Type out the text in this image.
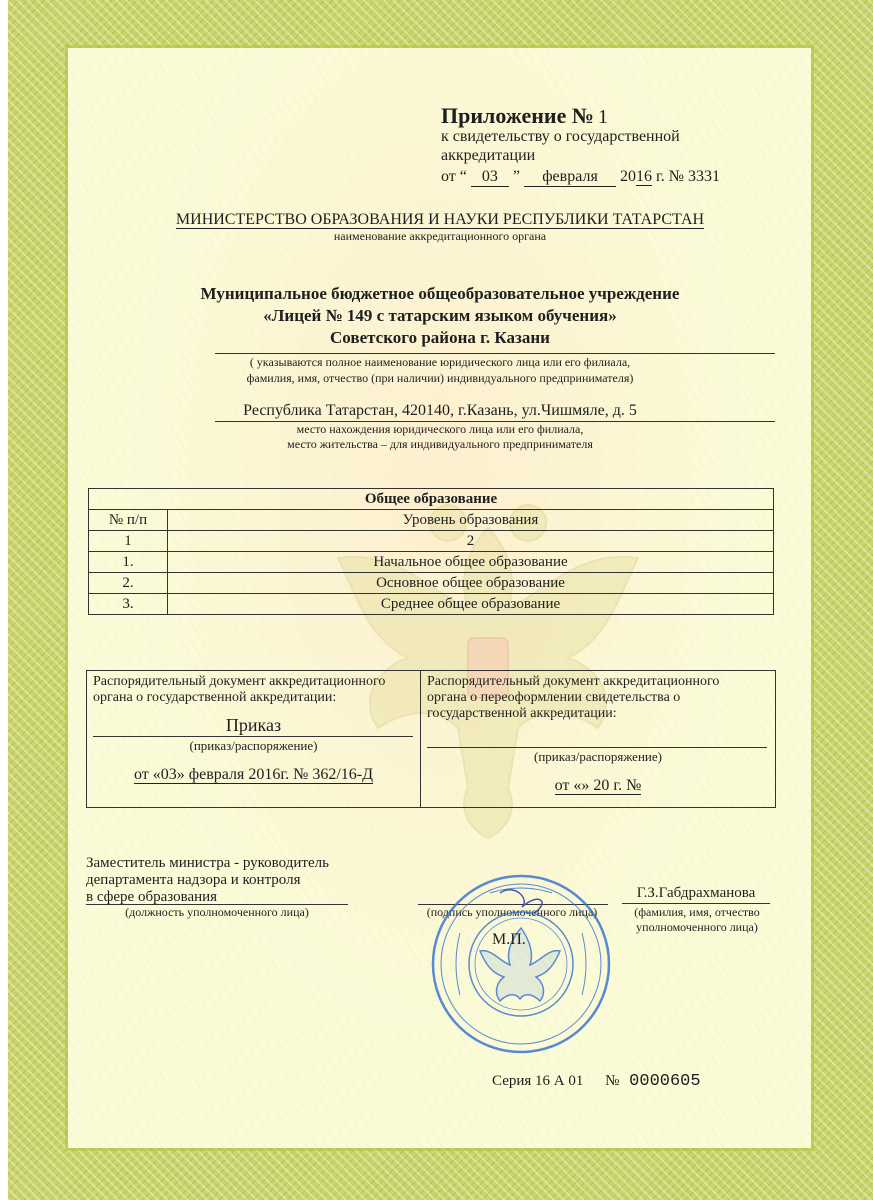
Приложение № 1
к свидетельству о государственной
аккредитации
от “ 03 ” февраля 2016 г. № 3331
МИНИСТЕРСТВО ОБРАЗОВАНИЯ И НАУКИ РЕСПУБЛИКИ ТАТАРСТАН
наименование аккредитационного органа
Муниципальное бюджетное общеобразовательное учреждение
«Лицей № 149 с татарским языком обучения»
Советского района г. Казани
( указываются полное наименование юридического лица или его филиала,
фамилия, имя, отчество (при наличии) индивидуального предпринимателя)
Республика Татарстан, 420140, г.Казань, ул.Чишмяле, д. 5
место нахождения юридического лица или его филиала,
место жительства – для индивидуального предпринимателя
Общее образование	
№ п/п	Уровень образования
1	2
1.	Начальное общее образование
2.	Основное общее образование
3.	Среднее общее образование
Распорядительный документ аккредитационного
органа о государственной аккредитации:
Приказ
(приказ/распоряжение)
от «03» февраля 2016г. № 362/16-Д
Распорядительный документ аккредитационного
органа о переоформлении свидетельства о
государственной аккредитации:
(приказ/распоряжение)
от «» 20 г. №
Заместитель министра - руководитель
департамента надзора и контроля
в сфере образования
(должность уполномоченного лица)	(подпись уполномоченного лица)
М.П.
Г.З.Габдрахманова
(фамилия, имя, отчество
уполномоченного лица)
Серия 16 А 01 № 0000605
